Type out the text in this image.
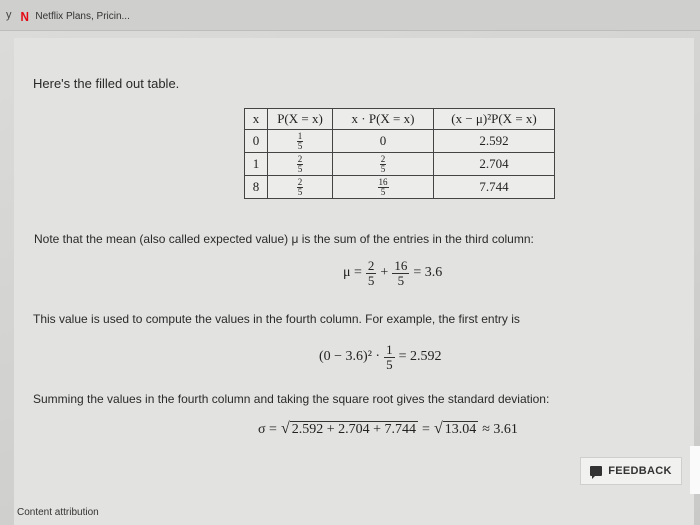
y N Netflix Plans, Pricin...
Here's the filled out table.
x	P(X = x)	x · P(X = x)	(x − μ)²P(X = x)
0	$\frac{1}{5}$	0	2.592
1	$\frac{2}{5}$	$\frac{2}{5}$	2.704
8	$\frac{2}{5}$	$\frac{16}{5}$	7.744
Note that the mean (also called expected value) μ is the sum of the entries in the third column:
$\mu = \frac{2}{5} + \frac{16}{5} = 3.6$
This value is used to compute the values in the fourth column. For example, the first entry is
$(0 - 3.6)^2 \cdot \frac{1}{5} = 2.592$
Summing the values in the fourth column and taking the square root gives the standard deviation:
σ = √ 2.592 + 2.704 + 7.744 = √ 13.04 ≈ 3.61
FEEDBACK
Content attribution
